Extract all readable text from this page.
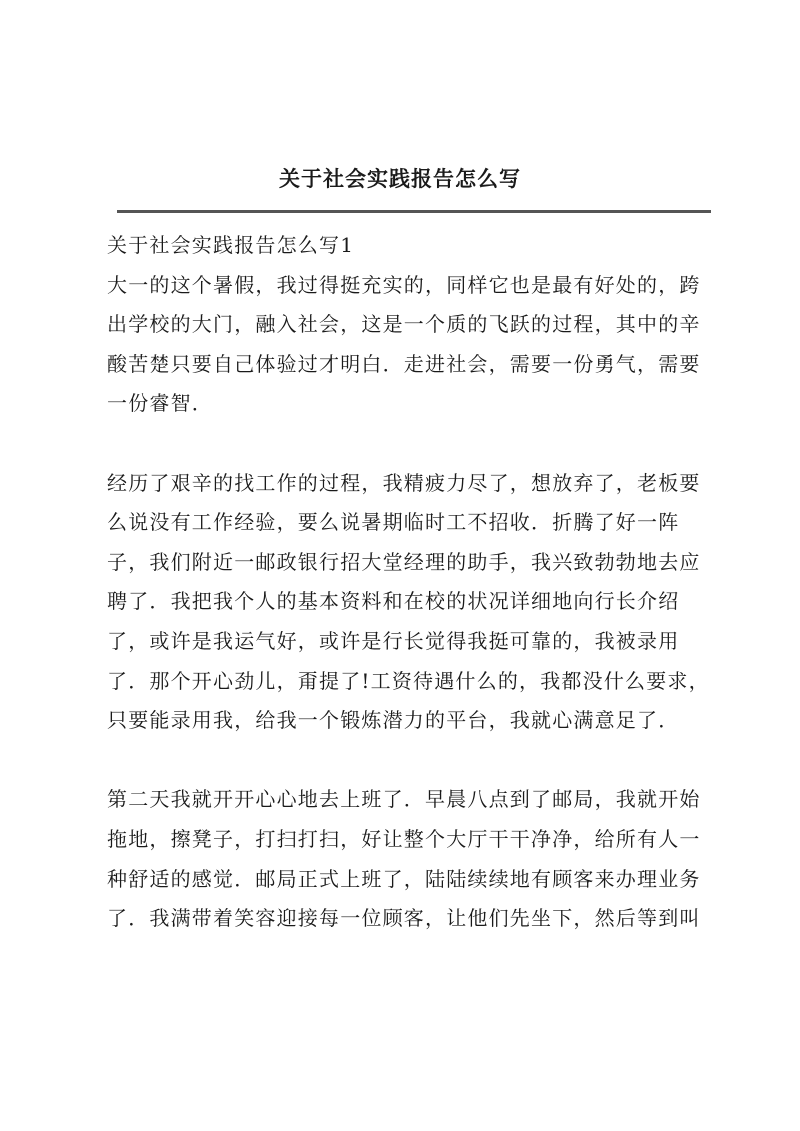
关于社会实践报告怎么写
关于社会实践报告怎么写1

大一的这个暑假，我过得挺充实的，同样它也是最有好处的，跨出学校的大门，融入社会，这是一个质的飞跃的过程，其中的辛酸苦楚只要自己体验过才明白．走进社会，需要一份勇气，需要一份睿智．

经历了艰辛的找工作的过程，我精疲力尽了，想放弃了，老板要么说没有工作经验，要么说暑期临时工不招收．折腾了好一阵子，我们附近一邮政银行招大堂经理的助手，我兴致勃勃地去应聘了．我把我个人的基本资料和在校的状况详细地向行长介绍了，或许是我运气好，或许是行长觉得我挺可靠的，我被录用了．那个开心劲儿，甭提了!工资待遇什么的，我都没什么要求，只要能录用我，给我一个锻炼潜力的平台，我就心满意足了．

第二天我就开开心心地去上班了．早晨八点到了邮局，我就开始拖地，擦凳子，打扫打扫，好让整个大厅干干净净，给所有人一种舒适的感觉．邮局正式上班了，陆陆续续地有顾客来办理业务了．我满带着笑容迎接每一位顾客，让他们先坐下，然后等到叫
